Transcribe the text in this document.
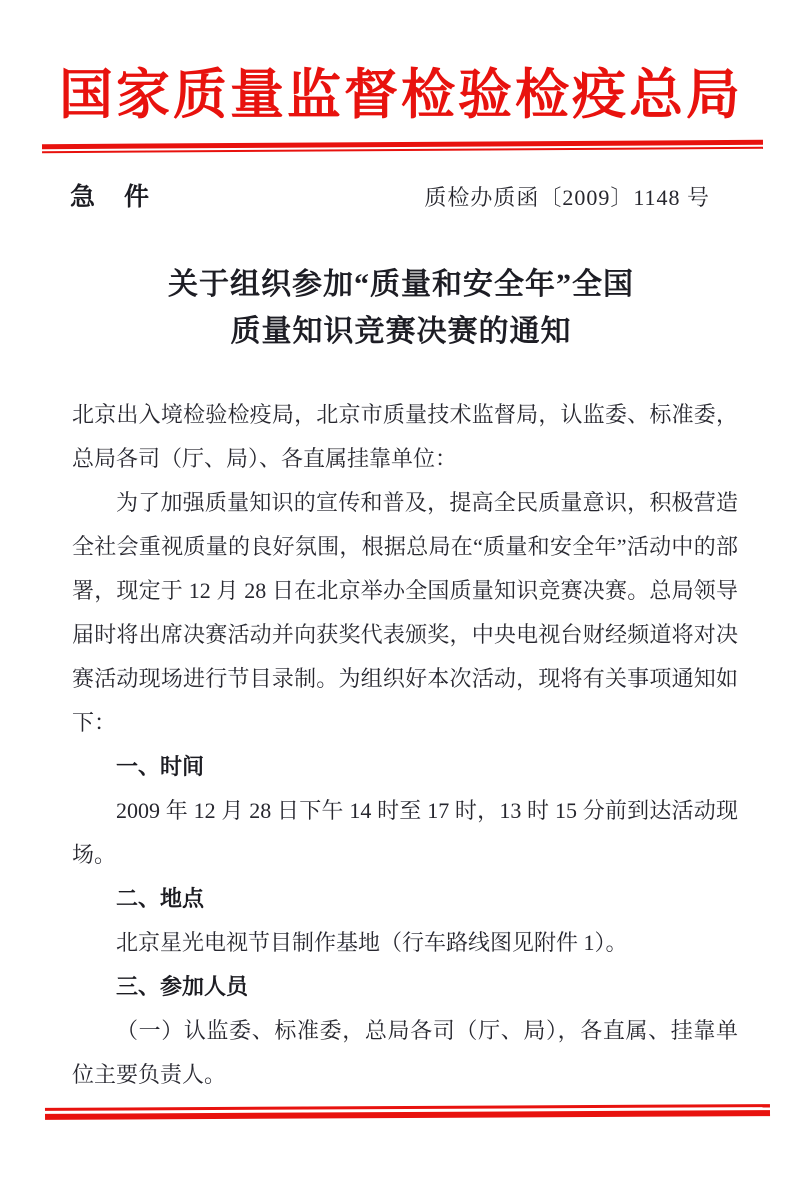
国家质量监督检验检疫总局
急　件	质检办质函〔2009〕1148 号
关于组织参加“质量和安全年”全国
质量知识竞赛决赛的通知

北京出入境检验检疫局，北京市质量技术监督局，认监委、标准委，总局各司（厅、局）、各直属挂靠单位：

为了加强质量知识的宣传和普及，提高全民质量意识，积极营造全社会重视质量的良好氛围，根据总局在“质量和安全年”活动中的部署，现定于 12 月 28 日在北京举办全国质量知识竞赛决赛。总局领导届时将出席决赛活动并向获奖代表颁奖，中央电视台财经频道将对决赛活动现场进行节目录制。为组织好本次活动，现将有关事项通知如下：

一、时间

2009 年 12 月 28 日下午 14 时至 17 时，13 时 15 分前到达活动现场。

二、地点

北京星光电视节目制作基地（行车路线图见附件 1）。

三、参加人员

（一）认监委、标准委，总局各司（厅、局），各直属、挂靠单位主要负责人。
